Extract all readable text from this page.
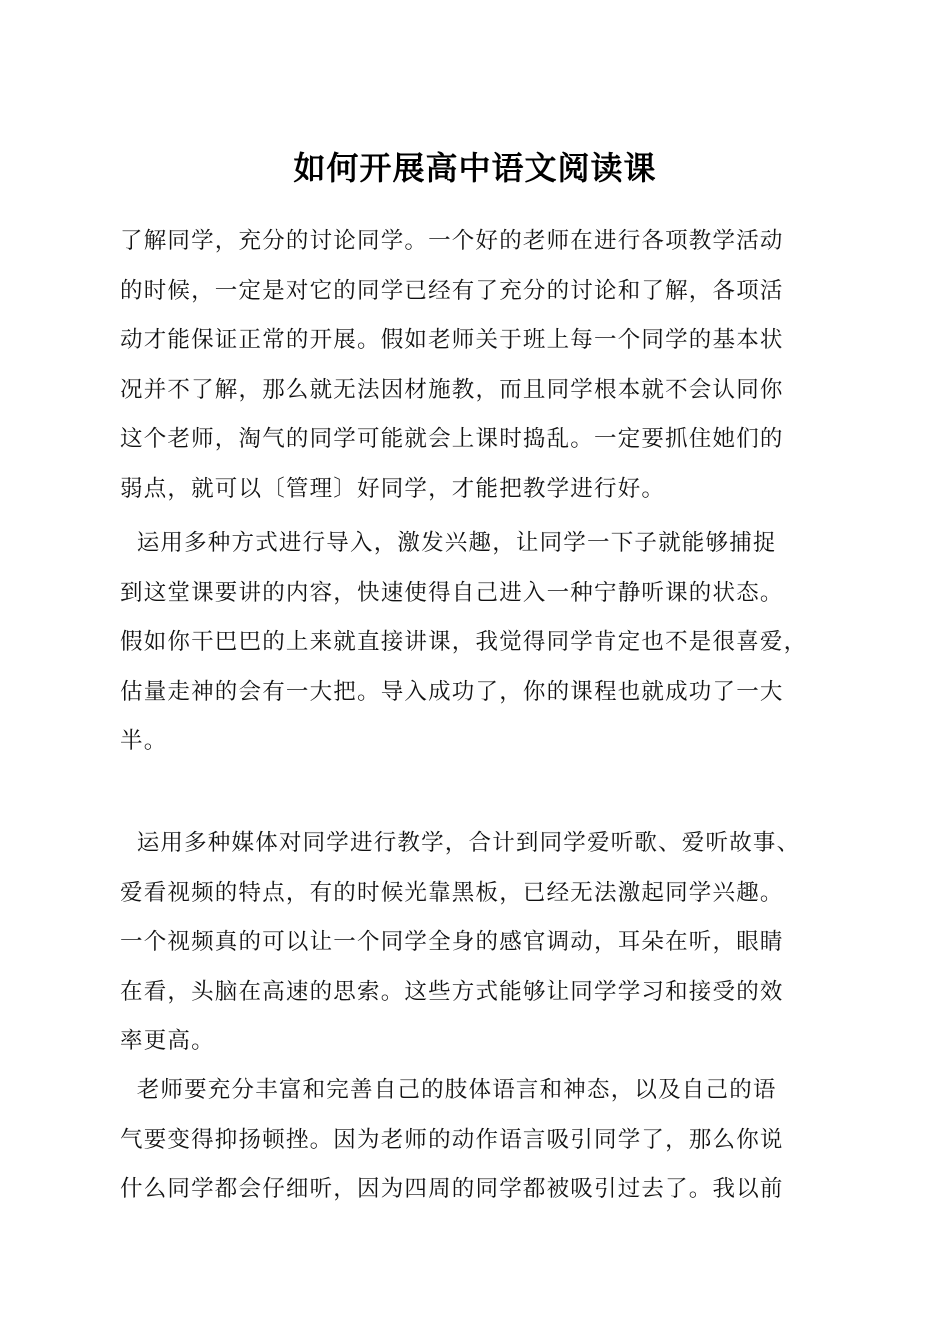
如何开展高中语文阅读课
了解同学，充分的讨论同学。一个好的老师在进行各项教学活动
的时候，一定是对它的同学已经有了充分的讨论和了解，各项活
动才能保证正常的开展。假如老师关于班上每一个同学的基本状
况并不了解，那么就无法因材施教，而且同学根本就不会认同你
这个老师，淘气的同学可能就会上课时捣乱。一定要抓住她们的
弱点，就可以〔管理〕好同学，才能把教学进行好。
运用多种方式进行导入，激发兴趣，让同学一下子就能够捕捉
到这堂课要讲的内容，快速使得自己进入一种宁静听课的状态。
假如你干巴巴的上来就直接讲课，我觉得同学肯定也不是很喜爱，
估量走神的会有一大把。导入成功了，你的课程也就成功了一大
半。
运用多种媒体对同学进行教学，合计到同学爱听歌、爱听故事、
爱看视频的特点，有的时候光靠黑板，已经无法激起同学兴趣。
一个视频真的可以让一个同学全身的感官调动，耳朵在听，眼睛
在看，头脑在高速的思索。这些方式能够让同学学习和接受的效
率更高。
老师要充分丰富和完善自己的肢体语言和神态，以及自己的语
气要变得抑扬顿挫。因为老师的动作语言吸引同学了，那么你说
什么同学都会仔细听，因为四周的同学都被吸引过去了。我以前
